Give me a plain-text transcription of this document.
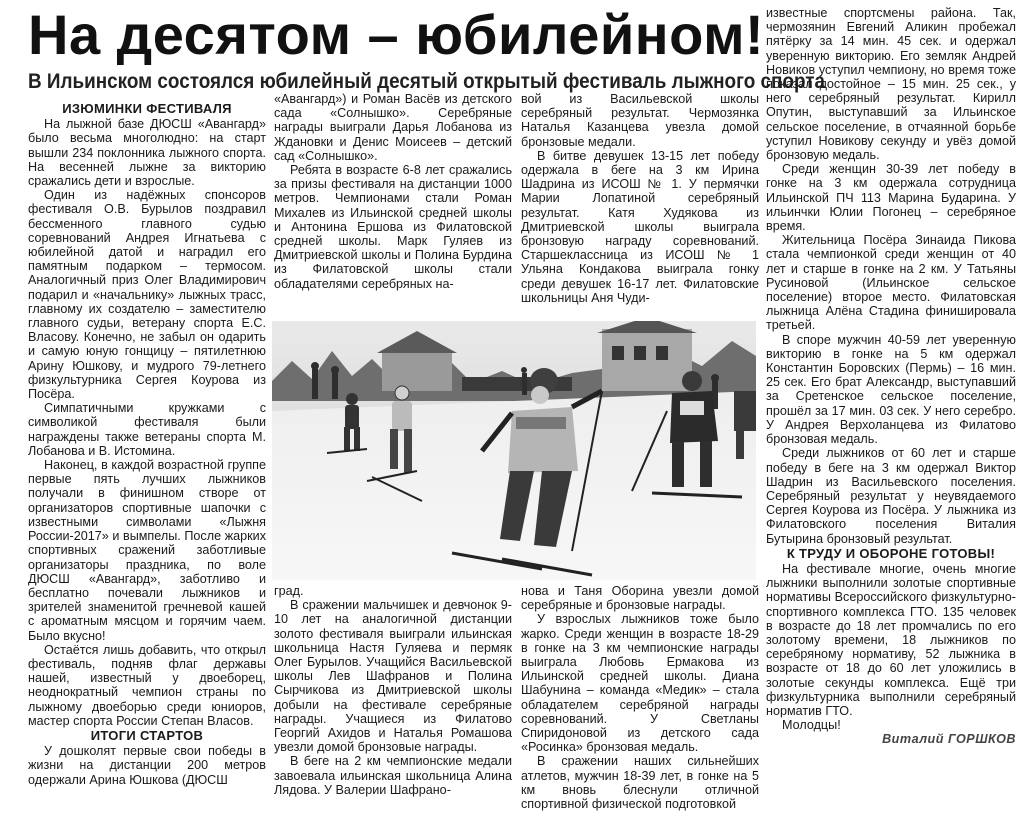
На десятом – юбилейном!
В Ильинском состоялся юбилейный десятый открытый фестиваль лыжного спорта

ИЗЮМИНКИ ФЕСТИВАЛЯ

На лыжной базе ДЮСШ «Авангард» было весьма многолюдно: на старт вышли 234 поклонника лыжного спорта. На весенней лыжне за викторию сражались дети и взрослые.

Один из надёжных спонсоров фестиваля О.В. Бурылов поздравил бессменного главного судью соревнований Андрея Игнатьева с юбилейной датой и наградил его памятным подарком – термосом. Аналогичный приз Олег Владимирович подарил и «начальнику» лыжных трасс, главному их создателю – заместителю главного судьи, ветерану спорта Е.С. Власову. Конечно, не забыл он одарить и самую юную гонщицу – пятилетнюю Арину Юшкову, и мудрого 79-летнего физкультурника Сергея Коурова из Посёра.

Симпатичными кружками с символикой фестиваля были награждены также ветераны спорта М. Лобанова и В. Истомина.

Наконец, в каждой возрастной группе первые пять лучших лыжников получали в финишном створе от организаторов спортивные шапочки с известными символами «Лыжня России-2017» и вымпелы. После жарких спортивных сражений заботливые организаторы праздника, по воле ДЮСШ «Авангард», заботливо и бесплатно почевали лыжников и зрителей знаменитой гречневой кашей с ароматным мясцом и горячим чаем. Было вкусно!

Остаётся лишь добавить, что открыл фестиваль, подняв флаг державы нашей, известный у двоеборец, неоднократный чемпион страны по лыжному двоеборью среди юниоров, мастер спорта России Степан Власов.

ИТОГИ СТАРТОВ

У дошколят первые свои победы в жизни на дистанции 200 метров одержали Арина Юшкова (ДЮСШ

«Авангард») и Роман Васёв из детского сада «Солнышко». Серебряные награды выиграли Дарья Лобанова из Ждановки и Денис Моисеев – детский сад «Солнышко».

Ребята в возрасте 6-8 лет сражались за призы фестиваля на дистанции 1000 метров. Чемпионами стали Роман Михалев из Ильинской средней школы и Антонина Ершова из Филатовской средней школы. Марк Гуляев из Дмитриевской школы и Полина Бурдина из Филатовской школы стали обладателями серебряных на-

вой из Васильевской школы серебряный результат. Чермозянка Наталья Казанцева увезла домой бронзовые медали.

В битве девушек 13-15 лет победу одержала в беге на 3 км Ирина Шадрина из ИСОШ № 1. У пермячки Марии Лопатиной серебряный результат. Катя Худякова из Дмитриевской школы выиграла бронзовую награду соревнований. Старшеклассница из ИСОШ № 1 Ульяна Кондакова выиграла гонку среди девушек 16-17 лет. Филатовские школьницы Аня Чуди-

град.

В сражении мальчишек и девчонок 9-10 лет на аналогичной дистанции золото фестиваля выиграли ильинская школьница Настя Гуляева и пермяк Олег Бурылов. Учащийся Васильевской школы Лев Шафранов и Полина Сырчикова из Дмитриевской школы добыли на фестивале серебряные награды. Учащиеся из Филатово Георгий Ахидов и Наталья Ромашова увезли домой бронзовые награды.

В беге на 2 км чемпионские медали завоевала ильинская школьница Алина Лядова. У Валерии Шафрано-

нова и Таня Оборина увезли домой серебряные и бронзовые награды.

У взрослых лыжников тоже было жарко. Среди женщин в возрасте 18-29 в гонке на 3 км чемпионские награды выиграла Любовь Ермакова из Ильинской средней школы. Диана Шабунина – команда «Медик» – стала обладателем серебряной награды соревнований. У Светланы Спиридоновой из детского сада «Росинка» бронзовая медаль.

В сражении наших сильнейших атлетов, мужчин 18-39 лет, в гонке на 5 км вновь блеснули отличной спортивной физической подготовкой

известные спортсмены района. Так, чермозянин Евгений Аликин пробежал пятёрку за 14 мин. 45 сек. и одержал уверенную викторию. Его земляк Андрей Новиков уступил чемпиону, но время тоже показал достойное – 15 мин. 25 сек., у него серебряный результат. Кирилл Опутин, выступавший за Ильинское сельское поселение, в отчаянной борьбе уступил Новикову секунду и увёз домой бронзовую медаль.

Среди женщин 30-39 лет победу в гонке на 3 км одержала сотрудница Ильинской ПЧ 113 Марина Бударина. У ильинчки Юлии Погонец – серебряное время.

Жительница Посёра Зинаида Пикова стала чемпионкой среди женщин от 40 лет и старше в гонке на 2 км. У Татьяны Русиновой (Ильинское сельское поселение) второе место. Филатовская лыжница Алёна Стадина финишировала третьей.

В споре мужчин 40-59 лет уверенную викторию в гонке на 5 км одержал Константин Боровских (Пермь) – 16 мин. 25 сек. Его брат Александр, выступавший за Сретенское сельское поселение, прошёл за 17 мин. 03 сек. У него серебро. У Андрея Верхоланцева из Филатово бронзовая медаль.

Среди лыжников от 60 лет и старше победу в беге на 3 км одержал Виктор Шадрин из Васильевского поселения. Серебряный результат у неувядаемого Сергея Коурова из Посёра. У лыжника из Филатовского поселения Виталия Бутырина бронзовый результат.

К ТРУДУ И ОБОРОНЕ ГОТОВЫ!

На фестивале многие, очень многие лыжники выполнили золотые спортивные нормативы Всероссийского физкультурно-спортивного комплекса ГТО. 135 человек в возрасте до 18 лет промчались по его золотому времени, 18 лыжников по серебряному нормативу, 52 лыжника в возрасте от 18 до 60 лет уложились в золотые секунды комплекса. Ещё три физкультурника выполнили серебряный норматив ГТО.

Молодцы!

Виталий ГОРШКОВ
